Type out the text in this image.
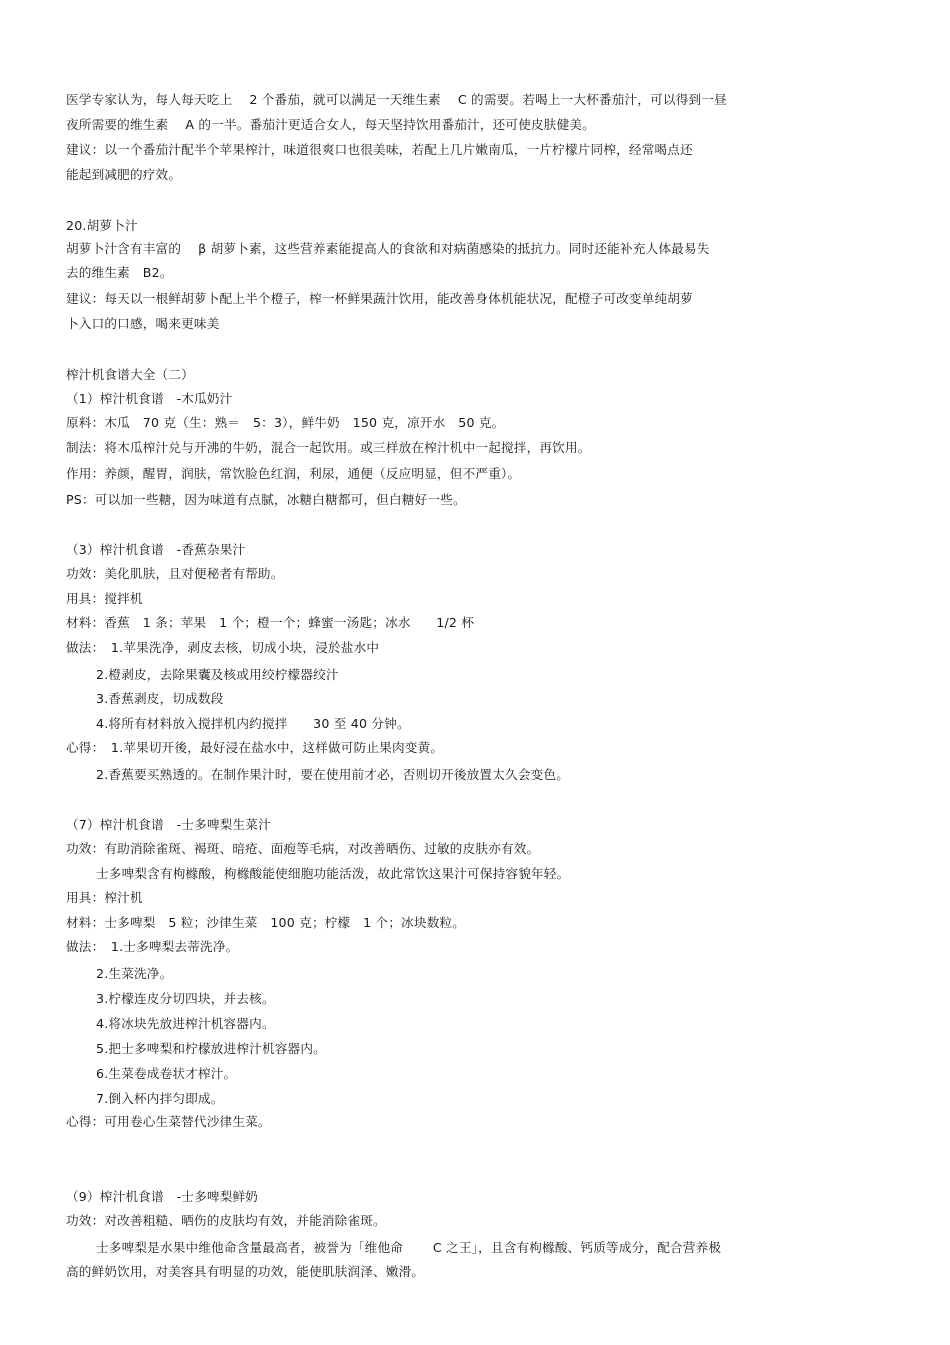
医学专家认为，每人每天吃上　 2 个番茄，就可以满足一天维生素　 C 的需要。若喝上一大杯番茄汁，可以得到一昼

夜所需要的维生素　 A 的一半。番茄汁更适合女人，每天坚持饮用番茄汁，还可使皮肤健美。

建议：以一个番茄汁配半个苹果榨汁，味道很爽口也很美味，若配上几片嫩南瓜，一片柠檬片同榨，经常喝点还

能起到减肥的疗效。

20.胡萝卜汁

胡萝卜汁含有丰富的　 β 胡萝卜素，这些营养素能提高人的食欲和对病菌感染的抵抗力。同时还能补充人体最易失

去的维生素　B2。

建议：每天以一根鲜胡萝卜配上半个橙子，榨一杯鲜果蔬汁饮用，能改善身体机能状况，配橙子可改变单纯胡萝

卜入口的口感，喝来更味美

榨汁机食谱大全（二）

（1）榨汁机食谱　-木瓜奶汁

原料：木瓜　70 克（生：熟＝　5：3），鲜牛奶　150 克，凉开水　50 克。

制法：将木瓜榨汁兑与开沸的牛奶，混合一起饮用。或三样放在榨汁机中一起搅拌，再饮用。

作用：养颜，醒胃，润肤，常饮脸色红润，利尿，通便（反应明显，但不严重）。

PS：可以加一些糖，因为味道有点腻，冰糖白糖都可，但白糖好一些。

（3）榨汁机食谱　-香蕉杂果汁

功效：美化肌肤，且对便秘者有帮助。

用具：搅拌机

材料：香蕉　1 条；苹果　1 个；橙一个；蜂蜜一汤匙；冰水　　1/2 杯

做法：　1.苹果洗净，剥皮去核，切成小块，浸於盐水中

2.橙剥皮，去除果囊及核或用绞柠檬器绞汁

3.香蕉剥皮，切成数段

4.将所有材料放入搅拌机内约搅拌　　30 至 40 分钟。

心得：　1.苹果切开後，最好浸在盐水中，这样做可防止果肉变黄。

2.香蕉要买熟透的。在制作果汁时，要在使用前才必，否则切开後放置太久会变色。

（7）榨汁机食谱　-士多啤梨生菜汁

功效：有助消除雀斑、褐斑、暗疮、面疱等毛病，对改善晒伤、过敏的皮肤亦有效。

士多啤梨含有枸橼酸，枸橼酸能使细胞功能活泼，故此常饮这果汁可保持容貌年轻。

用具：榨汁机

材料：士多啤梨　5 粒；沙律生菜　100 克；柠檬　1 个；冰块数粒。

做法：　1.士多啤梨去蒂洗净。

2.生菜洗净。

3.柠檬连皮分切四块，并去核。

4.将冰块先放进榨汁机容器内。

5.把士多啤梨和柠檬放进榨汁机容器内。

6.生菜卷成卷状才榨汁。

7.倒入杯内拌匀即成。

心得：可用卷心生菜替代沙律生菜。

（9）榨汁机食谱　-士多啤梨鲜奶

功效：对改善粗糙、晒伤的皮肤均有效，并能消除雀斑。

士多啤梨是水果中维他命含量最高者，被誉为「维他命　　 C 之王」，且含有枸橼酸、钙质等成分，配合营养极

高的鲜奶饮用，对美容具有明显的功效，能使肌肤润泽、嫩滑。
